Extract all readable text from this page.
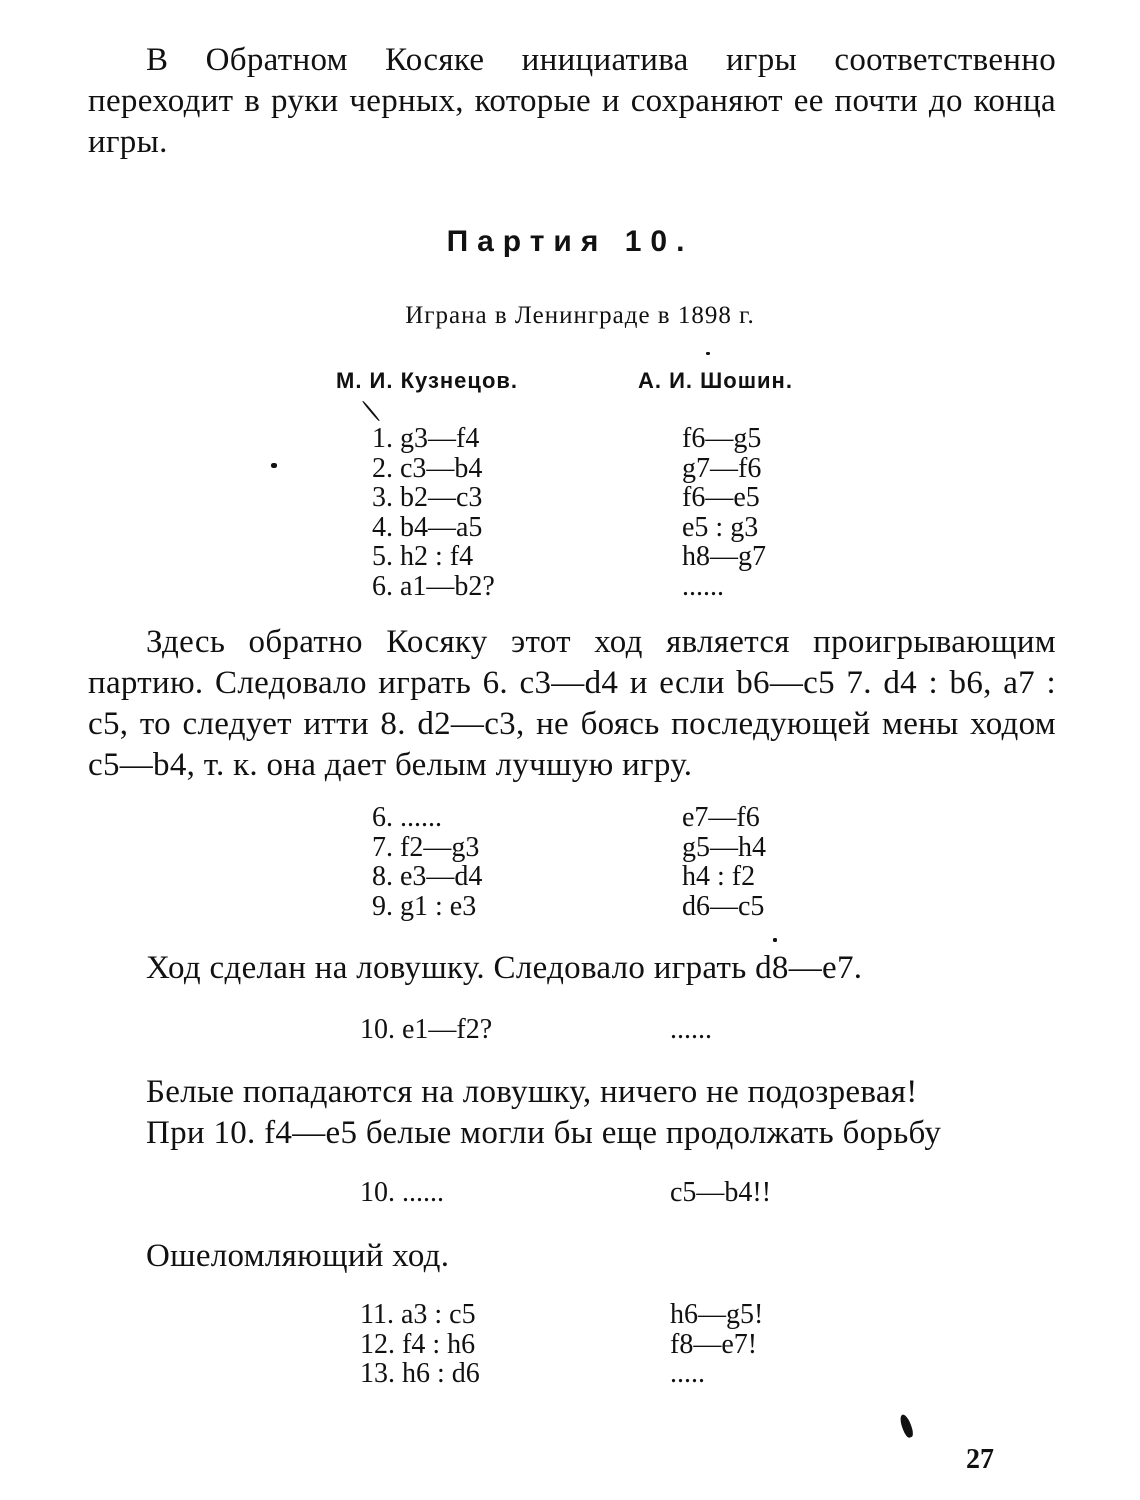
В Обратном Косяке инициатива игры соответственно переходит в руки черных, которые и сохраняют ее почти до конца игры.
Партия 10.
Играна в Ленинграде в 1898 г.
М. И. Кузнецов.	А. И. Шошин.
1. g3—f4	f6—g5
2. с3—b4	g7—f6
3. b2—с3	f6—е5
4. b4—а5	е5 : g3
5. h2 : f4	h8—g7
6. а1—b2?	......
Здесь обратно Косяку этот ход является проигрывающим партию. Следовало играть 6. с3—d4 и если b6—с5 7. d4 : b6, а7 : с5, то следует итти 8. d2—с3, не боясь последующей мены ходом с5—b4, т. к. она дает белым лучшую игру.
6. ......	е7—f6
7. f2—g3	g5—h4
8. е3—d4	h4 : f2
9. g1 : е3	d6—с5
Ход сделан на ловушку. Следовало играть d8—е7.
10. е1—f2?	......
Белые попадаются на ловушку, ничего не подозревая!
При 10. f4—е5 белые могли бы еще продолжать борьбу
10. ......	с5—b4!!
Ошеломляющий ход.
11. а3 : с5	h6—g5!
12. f4 : h6	f8—е7!
13. h6 : d6	.....
27
